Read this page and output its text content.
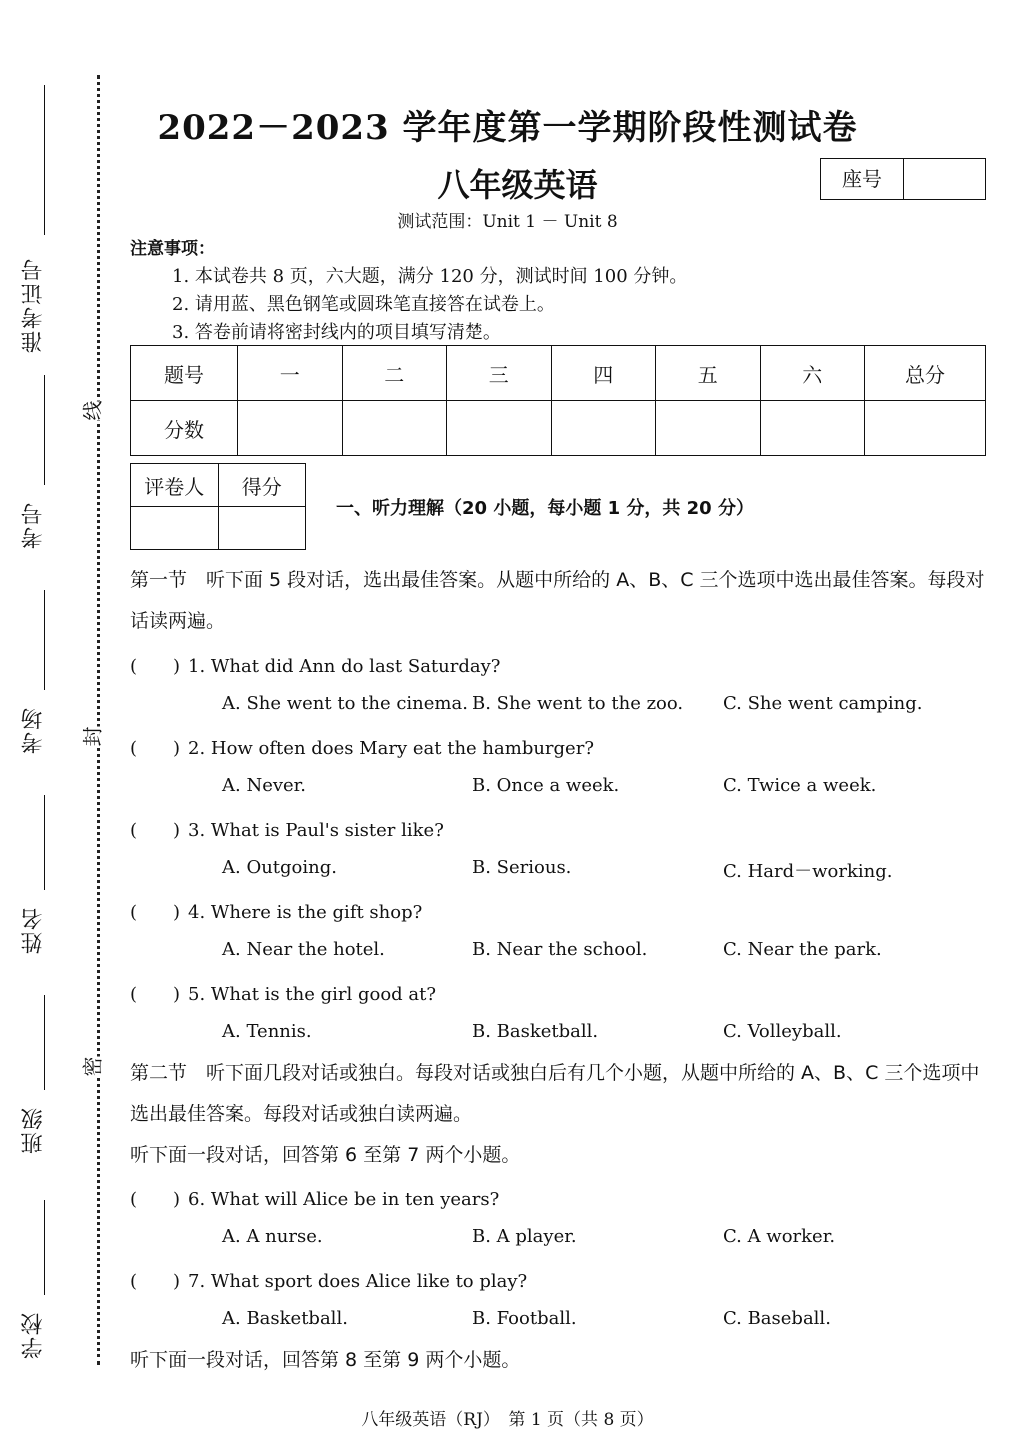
准考证号
考号
考场
姓名
班级
学校
线
封
密
2022－2023 学年度第一学期阶段性测试卷
八年级英语	座号
测试范围：Unit 1 － Unit 8
注意事项：
1. 本试卷共 8 页，六大题，满分 120 分，测试时间 100 分钟。
2. 请用蓝、黑色钢笔或圆珠笔直接答在试卷上。
3. 答卷前请将密封线内的项目填写清楚。
题号	一	二	三	四	五	六	总分
分数							
评卷人	得分

一、听力理解（20 小题，每小题 1 分，共 20 分）
第一节　听下面 5 段对话，选出最佳答案。从题中所给的 A、B、C 三个选项中选出最佳答案。每段对话读两遍。
(　　) 1. What did Ann do last Saturday?
A. She went to the cinema. B. She went to the zoo. C. She went camping.
(　　) 2. How often does Mary eat the hamburger?
A. Never.	B. Once a week.	C. Twice a week.
(　　) 3. What is Paul's sister like?
A. Outgoing.	B. Serious.	C. Hard－working.
(　　) 4. Where is the gift shop?
A. Near the hotel.	B. Near the school.	C. Near the park.
(　　) 5. What is the girl good at?
A. Tennis.	B. Basketball.	C. Volleyball.
第二节　听下面几段对话或独白。每段对话或独白后有几个小题，从题中所给的 A、B、C 三个选项中选出最佳答案。每段对话或独白读两遍。
听下面一段对话，回答第 6 至第 7 两个小题。
(　　) 6. What will Alice be in ten years?
A. A nurse.	B. A player.	C. A worker.
(　　) 7. What sport does Alice like to play?
A. Basketball.	B. Football.	C. Baseball.
听下面一段对话，回答第 8 至第 9 两个小题。
八年级英语（RJ）　第 1 页（共 8 页）
